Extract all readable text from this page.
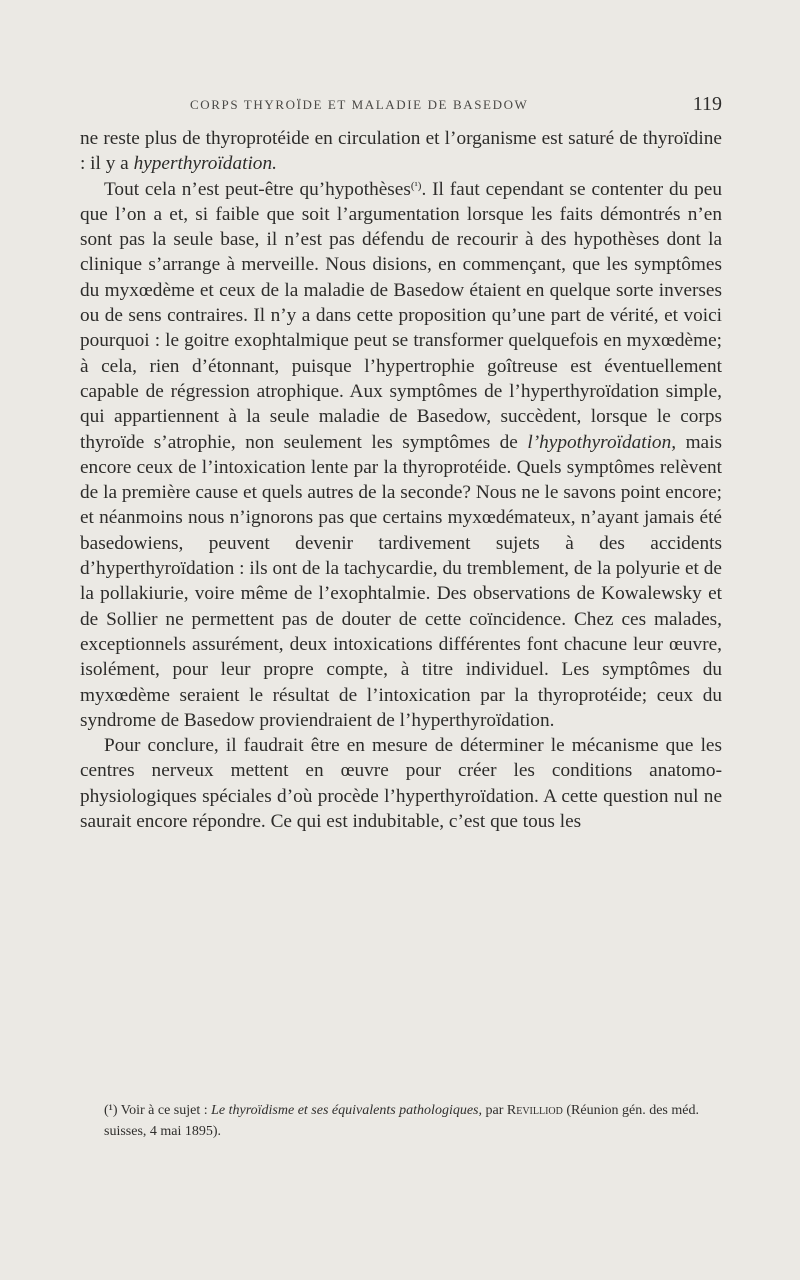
CORPS THYROÏDE ET MALADIE DE BASEDOW	119

ne reste plus de thyroprotéide en circulation et l’organisme est saturé de thyroïdine : il y a hyperthyroïdation.

Tout cela n’est peut-être qu’hypothèses$^{(^1)}$. Il faut cependant se contenter du peu que l’on a et, si faible que soit l’argumentation lorsque les faits démontrés n’en sont pas la seule base, il n’est pas défendu de recourir à des hypothèses dont la clinique s’arrange à merveille. Nous disions, en commençant, que les symptômes du myxœdème et ceux de la maladie de Basedow étaient en quelque sorte inverses ou de sens contraires. Il n’y a dans cette proposition qu’une part de vérité, et voici pourquoi : le goitre exophtalmique peut se transformer quelquefois en myxœdème; à cela, rien d’étonnant, puisque l’hypertrophie goîtreuse est éventuellement capable de régression atrophique. Aux symptômes de l’hyperthyroïdation simple, qui appartiennent à la seule maladie de Basedow, succèdent, lorsque le corps thyroïde s’atrophie, non seulement les symptômes de l’hypothyroïdation, mais encore ceux de l’intoxication lente par la thyroprotéide. Quels symptômes relèvent de la première cause et quels autres de la seconde? Nous ne le savons point encore; et néanmoins nous n’ignorons pas que certains myxœdémateux, n’ayant jamais été basedowiens, peuvent devenir tardivement sujets à des accidents d’hyperthyroïdation : ils ont de la tachycardie, du tremblement, de la polyurie et de la pollakiurie, voire même de l’exophtalmie. Des observations de Kowalewsky et de Sollier ne permettent pas de douter de cette coïncidence. Chez ces malades, exceptionnels assurément, deux intoxications différentes font chacune leur œuvre, isolément, pour leur propre compte, à titre individuel. Les symptômes du myxœdème seraient le résultat de l’intoxication par la thyroprotéide; ceux du syndrome de Basedow proviendraient de l’hyperthyroïdation.

Pour conclure, il faudrait être en mesure de déterminer le mécanisme que les centres nerveux mettent en œuvre pour créer les conditions anatomo-physiologiques spéciales d’où procède l’hyperthyroïdation. A cette question nul ne saurait encore répondre. Ce qui est indubitable, c’est que tous les

(¹) Voir à ce sujet : Le thyroïdisme et ses équivalents pathologiques, par Revilliod (Réunion gén. des méd. suisses, 4 mai 1895).
